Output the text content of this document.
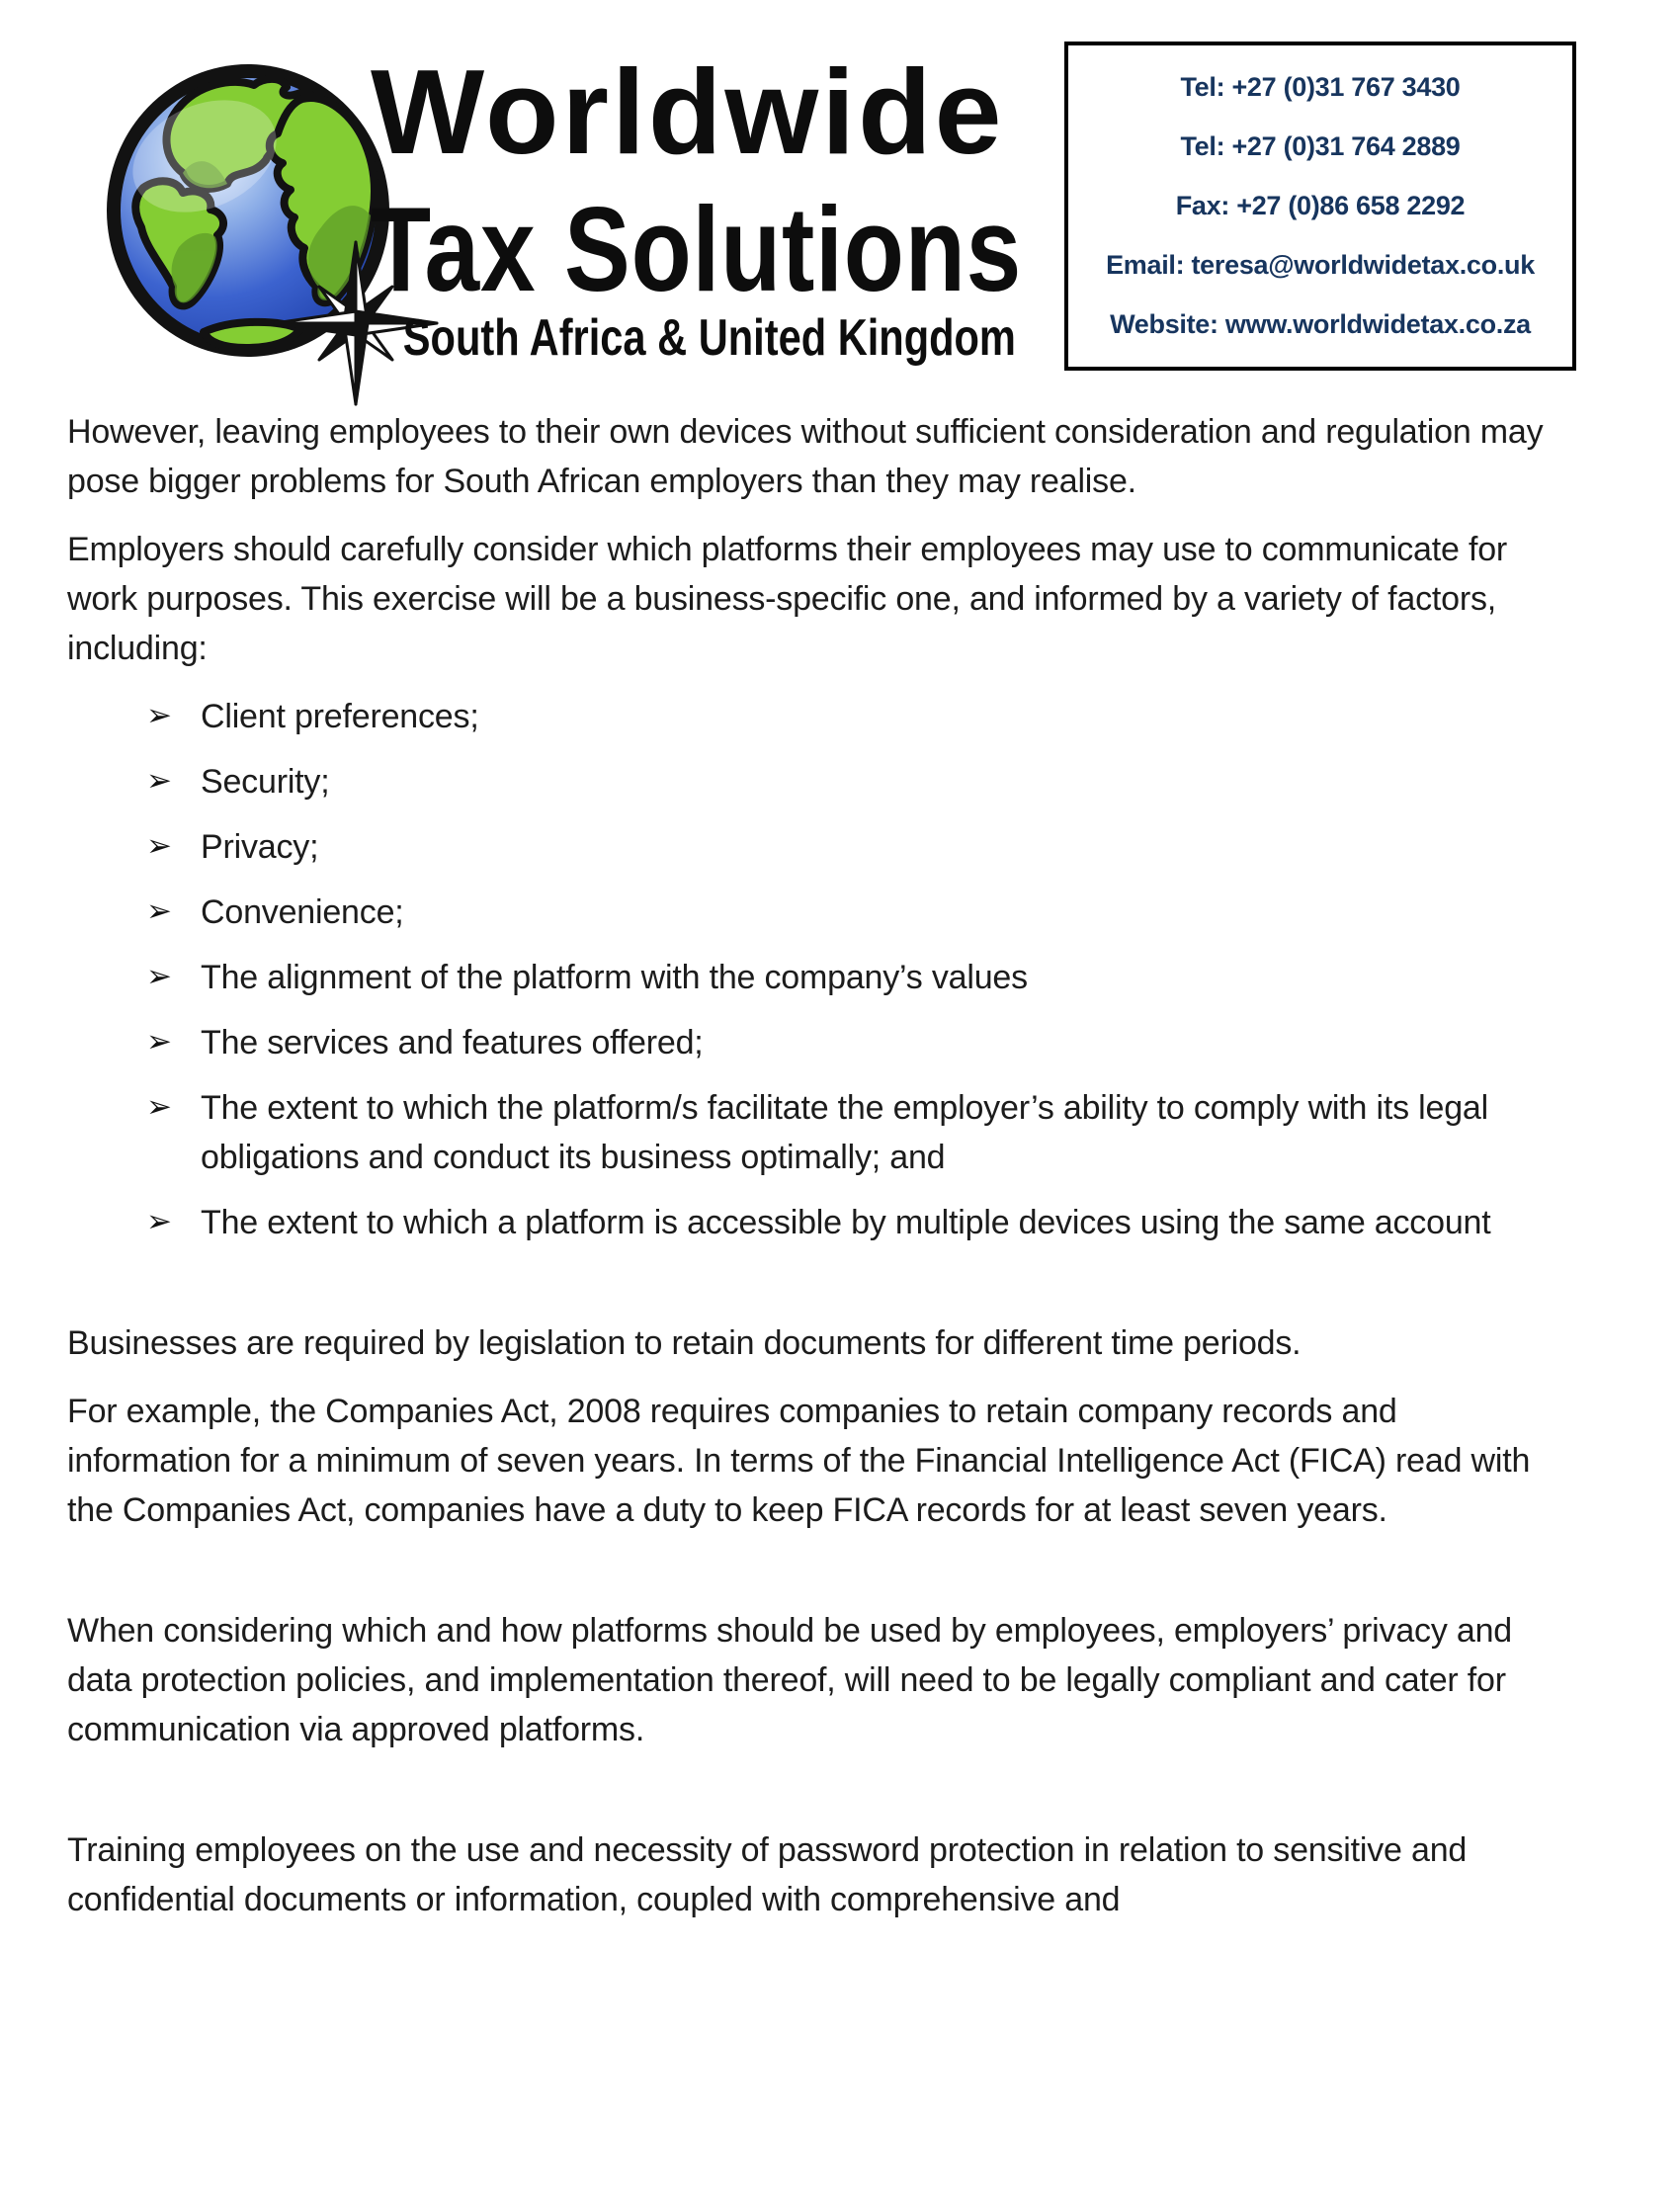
Worldwide
Tax Solutions
South Africa & United Kingdom
Tel: +27 (0)31 767 3430
Tel: +27 (0)31 764 2889
Fax: +27 (0)86 658 2292
Email: teresa@worldwidetax.co.uk
Website: www.worldwidetax.co.za

However, leaving employees to their own devices without sufficient consideration and regulation may pose bigger problems for South African employers than they may realise.

Employers should carefully consider which platforms their employees may use to communicate for work purposes. This exercise will be a business-specific one, and informed by a variety of factors, including:

➢ Client preferences;
➢ Security;
➢ Privacy;
➢ Convenience;
➢ The alignment of the platform with the company’s values
➢ The services and features offered;
➢ The extent to which the platform/s facilitate the employer’s ability to comply with its legal obligations and conduct its business optimally; and
➢ The extent to which a platform is accessible by multiple devices using the same account

Businesses are required by legislation to retain documents for different time periods.

For example, the Companies Act, 2008 requires companies to retain company records and information for a minimum of seven years. In terms of the Financial Intelligence Act (FICA) read with the Companies Act, companies have a duty to keep FICA records for at least seven years.

When considering which and how platforms should be used by employees, employers’ privacy and data protection policies, and implementation thereof, will need to be legally compliant and cater for communication via approved platforms.

Training employees on the use and necessity of password protection in relation to sensitive and confidential documents or information, coupled with comprehensive and
